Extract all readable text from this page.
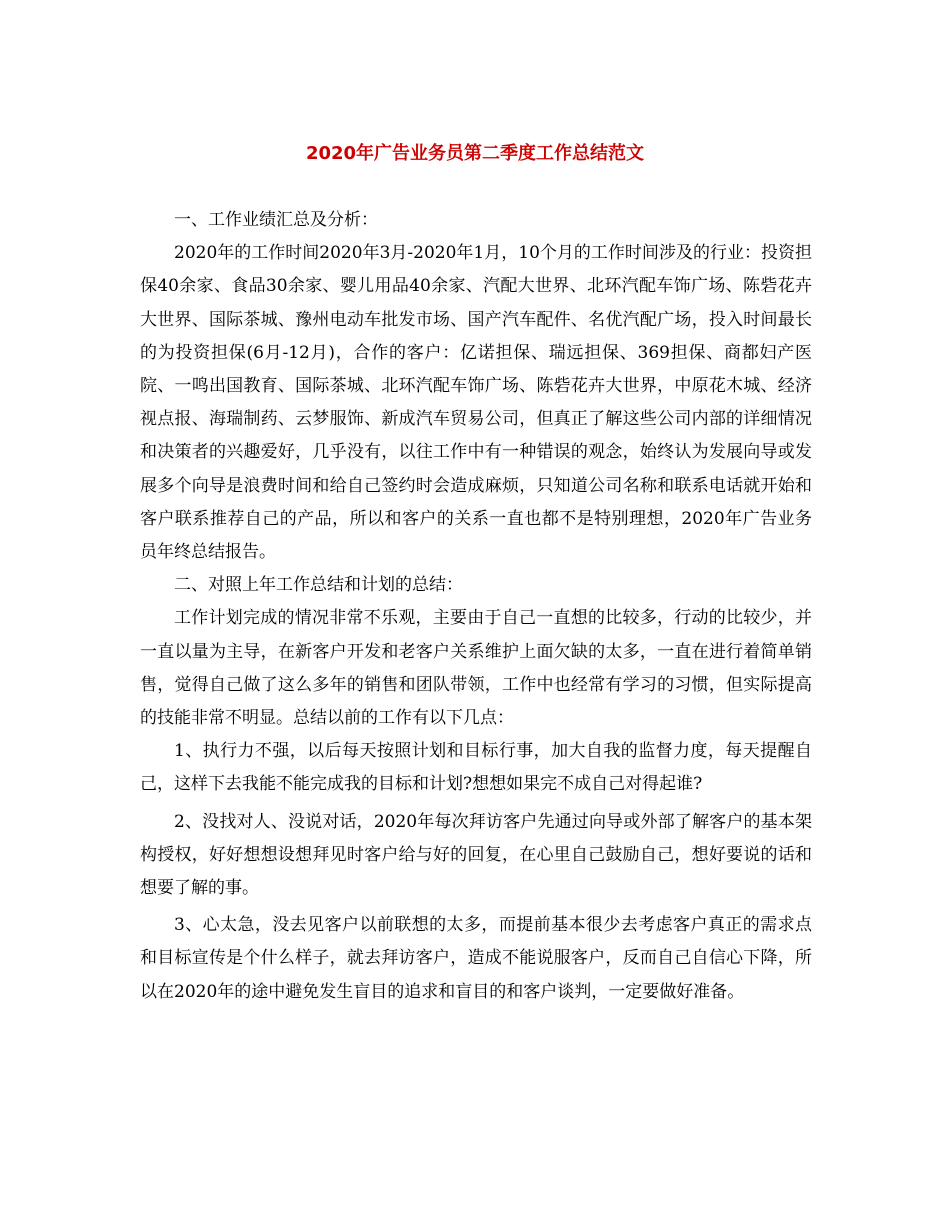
2020年广告业务员第二季度工作总结范文

一、工作业绩汇总及分析：

2020年的工作时间2020年3月-2020年1月，10个月的工作时间涉及的行业：投资担保40余家、食品30余家、婴儿用品40余家、汽配大世界、北环汽配车饰广场、陈砦花卉大世界、国际茶城、豫州电动车批发市场、国产汽车配件、名优汽配广场，投入时间最长的为投资担保(6月-12月)，合作的客户：亿诺担保、瑞远担保、369担保、商都妇产医院、一鸣出国教育、国际茶城、北环汽配车饰广场、陈砦花卉大世界，中原花木城、经济视点报、海瑞制药、云梦服饰、新成汽车贸易公司，但真正了解这些公司内部的详细情况和决策者的兴趣爱好，几乎没有，以往工作中有一种错误的观念，始终认为发展向导或发展多个向导是浪费时间和给自己签约时会造成麻烦，只知道公司名称和联系电话就开始和客户联系推荐自己的产品，所以和客户的关系一直也都不是特别理想，2020年广告业务员年终总结报告。

二、对照上年工作总结和计划的总结：

工作计划完成的情况非常不乐观，主要由于自己一直想的比较多，行动的比较少，并一直以量为主导，在新客户开发和老客户关系维护上面欠缺的太多，一直在进行着简单销售，觉得自己做了这么多年的销售和团队带领，工作中也经常有学习的习惯，但实际提高的技能非常不明显。总结以前的工作有以下几点：

1、执行力不强，以后每天按照计划和目标行事，加大自我的监督力度，每天提醒自己，这样下去我能不能完成我的目标和计划?想想如果完不成自己对得起谁?

2、没找对人、没说对话，2020年每次拜访客户先通过向导或外部了解客户的基本架构授权，好好想想设想拜见时客户给与好的回复，在心里自己鼓励自己，想好要说的话和想要了解的事。

3、心太急，没去见客户以前联想的太多，而提前基本很少去考虑客户真正的需求点和目标宣传是个什么样子，就去拜访客户，造成不能说服客户，反而自己自信心下降，所以在2020年的途中避免发生盲目的追求和盲目的和客户谈判，一定要做好准备。
